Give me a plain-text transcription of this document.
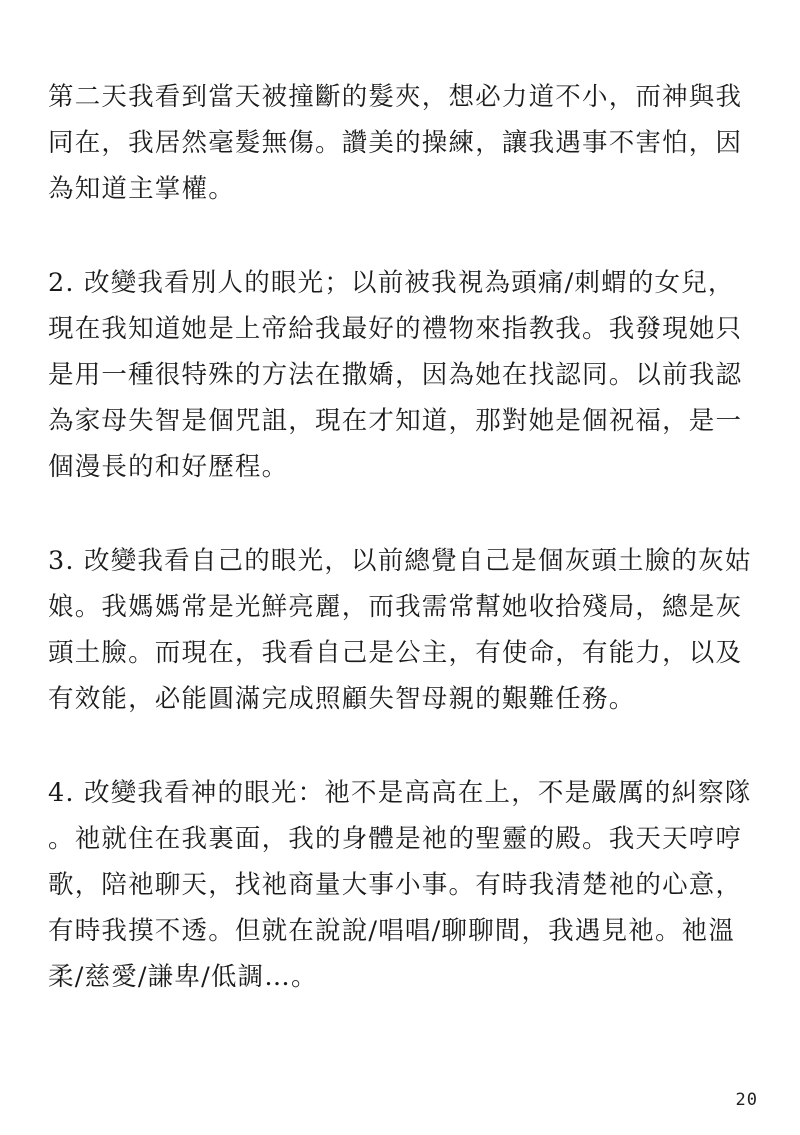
第二天我看到當天被撞斷的髮夾，想必力道不小，而神與我
同在，我居然毫髮無傷。讚美的操練，讓我遇事不害怕，因
為知道主掌權。
2. 改變我看別人的眼光；以前被我視為頭痛/刺蝟的女兒，
現在我知道她是上帝給我最好的禮物來指教我。我發現她只
是用一種很特殊的方法在撒嬌，因為她在找認同。以前我認
為家母失智是個咒詛，現在才知道，那對她是個祝福，是一
個漫長的和好歷程。
3. 改變我看自己的眼光，以前總覺自己是個灰頭土臉的灰姑
娘。我媽媽常是光鮮亮麗，而我需常幫她收拾殘局，總是灰
頭土臉。而現在，我看自己是公主，有使命，有能力，以及
有效能，必能圓滿完成照顧失智母親的艱難任務。
4. 改變我看神的眼光：祂不是高高在上，不是嚴厲的糾察隊
。祂就住在我裏面，我的身體是祂的聖靈的殿。我天天哼哼
歌，陪祂聊天，找祂商量大事小事。有時我清楚祂的心意，
有時我摸不透。但就在說說/唱唱/聊聊間，我遇見祂。祂溫
柔/慈愛/謙卑/低調…。
20
